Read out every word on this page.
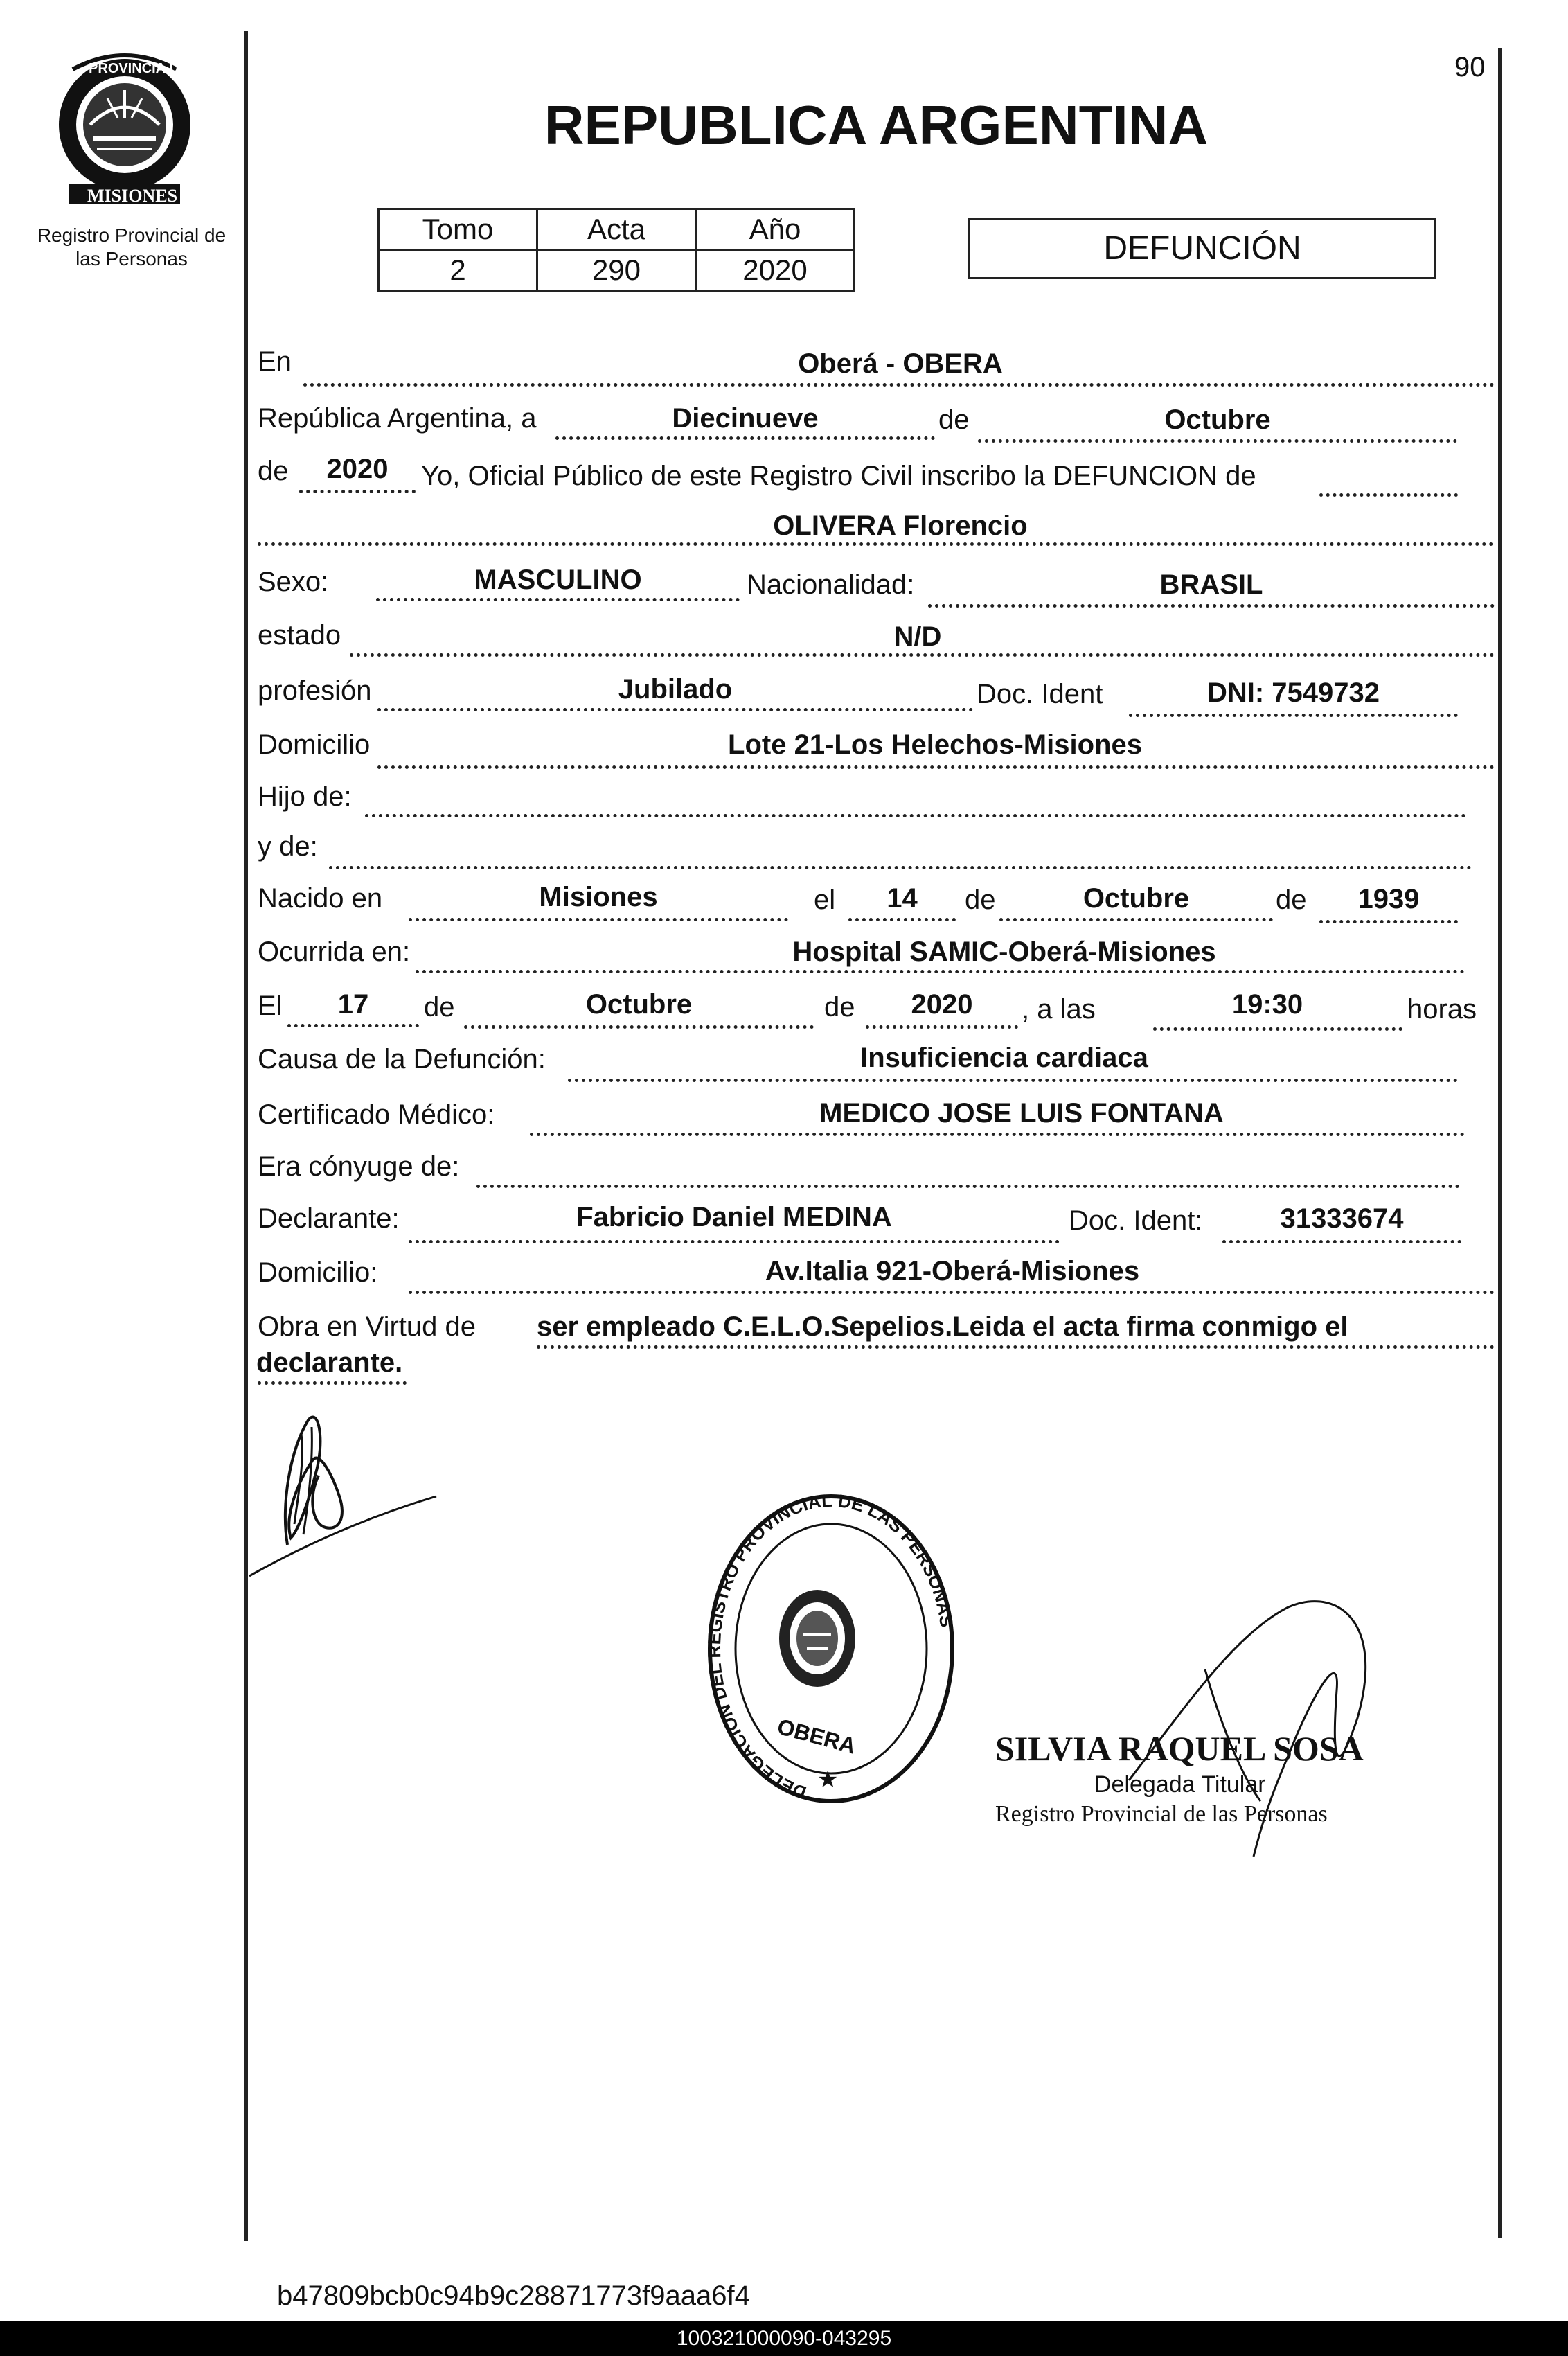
90
PROVINCIA DE
MISIONES
Registro Provincial de las Personas
REPUBLICA ARGENTINA
Tomo	Acta	Año
2	290	2020
DEFUNCIÓN
En	Oberá - OBERA
República Argentina, a	Diecinueve	de	Octubre
de	2020	Yo, Oficial Público de este Registro Civil inscribo la DEFUNCION de
OLIVERA Florencio
Sexo:	MASCULINO	Nacionalidad:	BRASIL
estado	N/D
profesión	Jubilado	Doc. Ident	DNI: 7549732
Domicilio	Lote 21-Los Helechos-Misiones
Hijo de:
y de:
Nacido en	Misiones	el	14	de	Octubre	de	1939
Ocurrida en:	Hospital SAMIC-Oberá-Misiones
El	17	de	Octubre	de	2020	, a las	19:30	horas
Causa de la Defunción:	Insuficiencia cardiaca
Certificado Médico:	MEDICO JOSE LUIS FONTANA
Era cónyuge de:
Declarante:	Fabricio Daniel MEDINA	Doc. Ident:	31333674
Domicilio:	Av.Italia 921-Oberá-Misiones
Obra en Virtud de ser empleado C.E.L.O.Sepelios.Leida el acta firma conmigo el
declarante.
DELEGACION DEL REGISTRO PROVINCIAL DE LAS PERSONAS
OBERA
★
SILVIA RAQUEL SOSA
Delegada Titular
Registro Provincial de las Personas
b47809bcb0c94b9c28871773f9aaa6f4
100321000090-043295
